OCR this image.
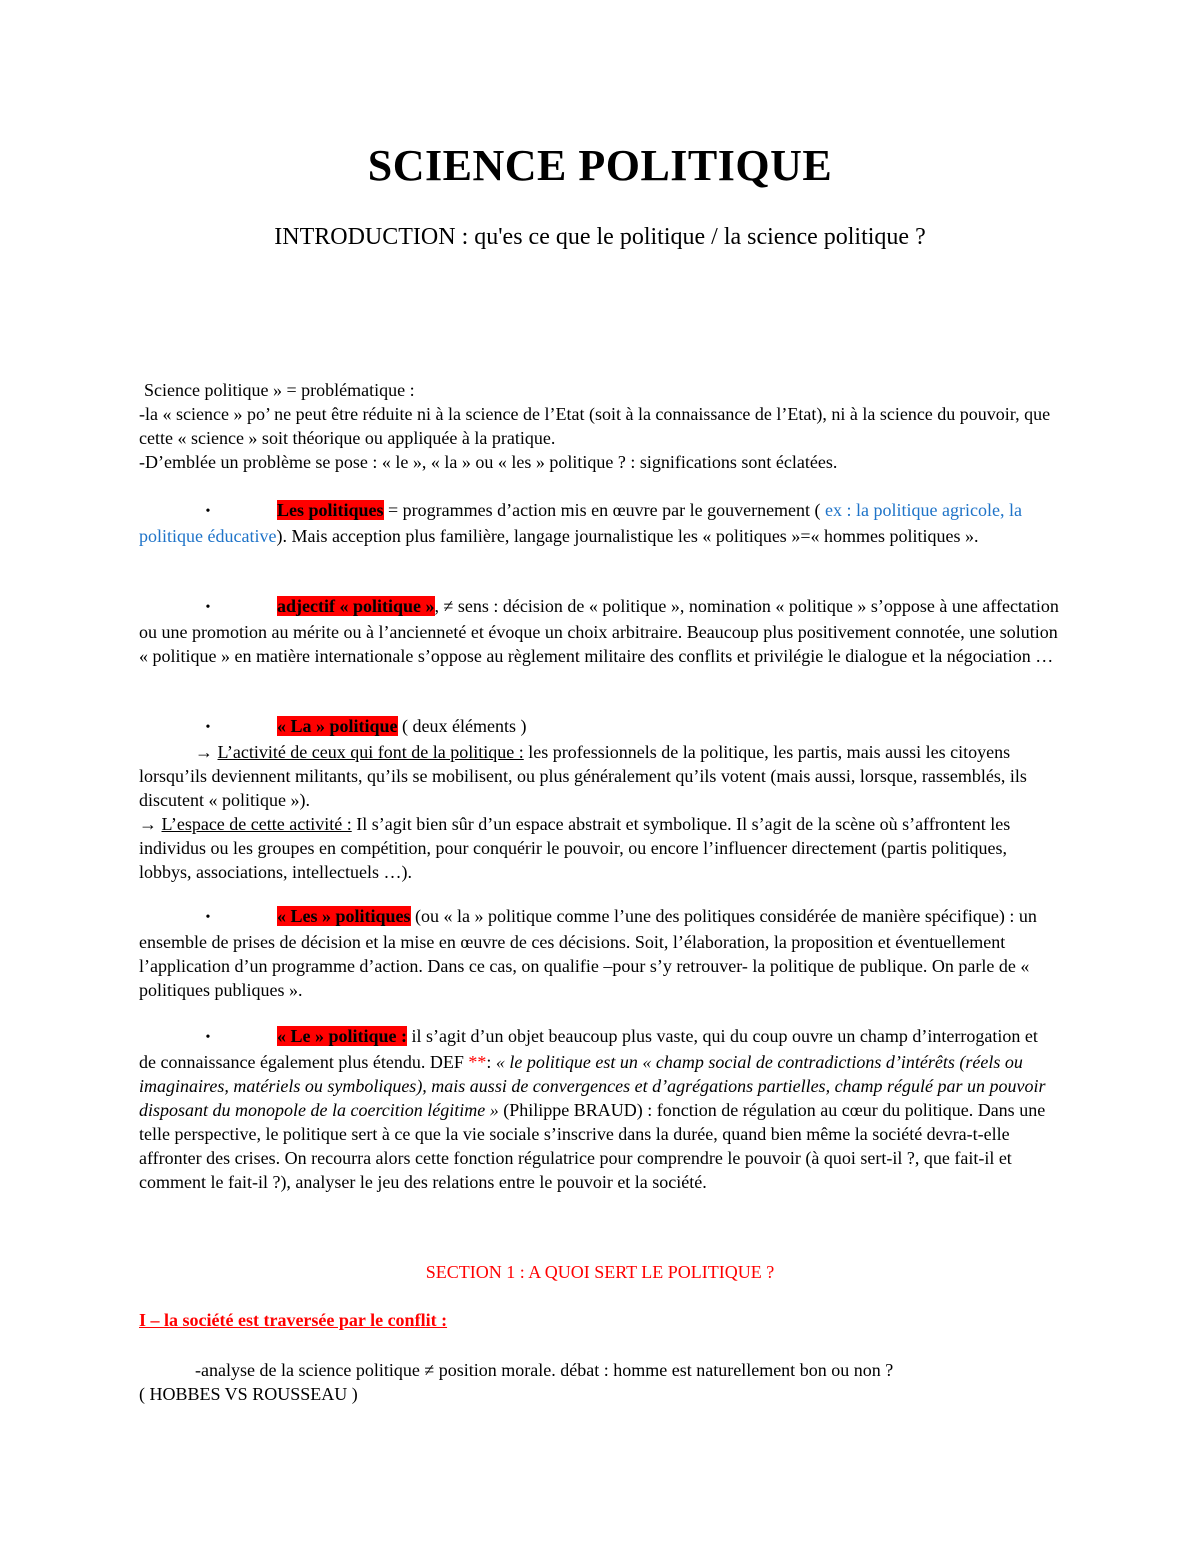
SCIENCE POLITIQUE
INTRODUCTION : qu'es ce que le politique / la science politique ?

Science politique » = problématique :

-la « science » po’ ne peut être réduite ni à la science de l’Etat (soit à la connaissance de l’Etat), ni à la science du pouvoir, que cette « science » soit théorique ou appliquée à la pratique.

-D’emblée un problème se pose : « le », « la » ou « les » politique ? : significations sont éclatées.

•	Les politiques = programmes d’action mis en œuvre par le gouvernement ( ex : la politique agricole, la politique éducative). Mais acception plus familière, langage journalistique les « politiques »=« hommes politiques ».

•	adjectif « politique », ≠ sens : décision de « politique », nomination « politique » s’oppose à une affectation ou une promotion au mérite ou à l’ancienneté et évoque un choix arbitraire. Beaucoup plus positivement connotée, une solution « politique » en matière internationale s’oppose au règlement militaire des conflits et privilégie le dialogue et la négociation …

•	« La » politique ( deux éléments )

→ L’activité de ceux qui font de la politique : les professionnels de la politique, les partis, mais aussi les citoyens lorsqu’ils deviennent militants, qu’ils se mobilisent, ou plus généralement qu’ils votent (mais aussi, lorsque, rassemblés, ils discutent « politique »).

→ L’espace de cette activité : Il s’agit bien sûr d’un espace abstrait et symbolique. Il s’agit de la scène où s’affrontent les individus ou les groupes en compétition, pour conquérir le pouvoir, ou encore l’influencer directement (partis politiques, lobbys, associations, intellectuels …).

•	« Les » politiques (ou « la » politique comme l’une des politiques considérée de manière spécifique) : un ensemble de prises de décision et la mise en œuvre de ces décisions. Soit, l’élaboration, la proposition et éventuellement l’application d’un programme d’action. Dans ce cas, on qualifie –pour s’y retrouver- la politique de publique. On parle de « politiques publiques ».

•	« Le » politique : il s’agit d’un objet beaucoup plus vaste, qui du coup ouvre un champ d’interrogation et de connaissance également plus étendu. DEF **: « le politique est un « champ social de contradictions d’intérêts (réels ou imaginaires, matériels ou symboliques), mais aussi de convergences et d’agrégations partielles, champ régulé par un pouvoir disposant du monopole de la coercition légitime » (Philippe BRAUD) : fonction de régulation au cœur du politique. Dans une telle perspective, le politique sert à ce que la vie sociale s’inscrive dans la durée, quand bien même la société devra-t-elle affronter des crises. On recourra alors cette fonction régulatrice pour comprendre le pouvoir (à quoi sert-il ?, que fait-il et comment le fait-il ?), analyser le jeu des relations entre le pouvoir et la société.

SECTION 1 : A QUOI SERT LE POLITIQUE ?
I – la société est traversée par le conflit :

-analyse de la science politique ≠ position morale. débat : homme est naturellement bon ou non ?

( HOBBES VS ROUSSEAU )
